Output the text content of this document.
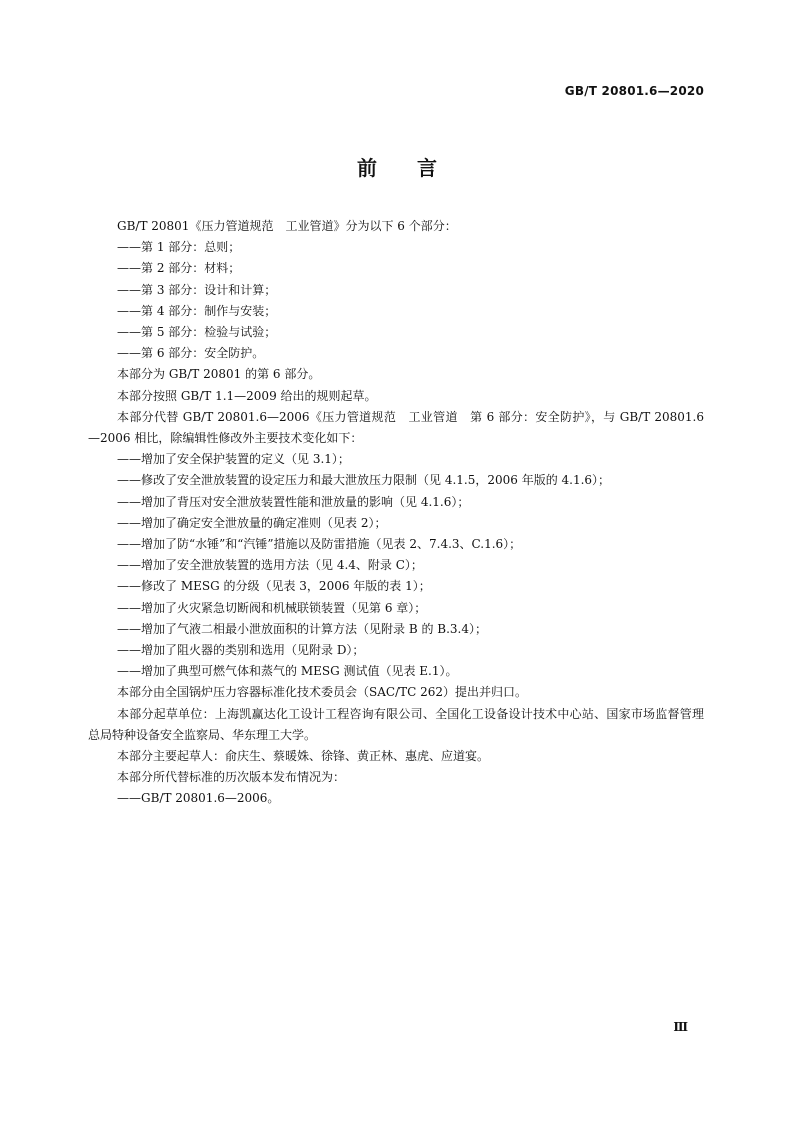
GB/T 20801.6—2020
前言

GB/T 20801《压力管道规范　工业管道》分为以下 6 个部分：

——第 1 部分：总则；

——第 2 部分：材料；

——第 3 部分：设计和计算；

——第 4 部分：制作与安装；

——第 5 部分：检验与试验；

——第 6 部分：安全防护。

本部分为 GB/T 20801 的第 6 部分。

本部分按照 GB/T 1.1—2009 给出的规则起草。

本部分代替 GB/T 20801.6—2006《压力管道规范　工业管道　第 6 部分：安全防护》，与 GB/T 20801.6—2006 相比，除编辑性修改外主要技术变化如下：

——增加了安全保护装置的定义（见 3.1）；

——修改了安全泄放装置的设定压力和最大泄放压力限制（见 4.1.5，2006 年版的 4.1.6）；

——增加了背压对安全泄放装置性能和泄放量的影响（见 4.1.6）；

——增加了确定安全泄放量的确定准则（见表 2）；

——增加了防“水锤”和“汽锤”措施以及防雷措施（见表 2、7.4.3、C.1.6）；

——增加了安全泄放装置的选用方法（见 4.4、附录 C）；

——修改了 MESG 的分级（见表 3，2006 年版的表 1）；

——增加了火灾紧急切断阀和机械联锁装置（见第 6 章）；

——增加了气液二相最小泄放面积的计算方法（见附录 B 的 B.3.4）；

——增加了阻火器的类别和选用（见附录 D）；

——增加了典型可燃气体和蒸气的 MESG 测试值（见表 E.1）。

本部分由全国锅炉压力容器标准化技术委员会（SAC/TC 262）提出并归口。

本部分起草单位：上海凯赢达化工设计工程咨询有限公司、全国化工设备设计技术中心站、国家市场监督管理总局特种设备安全监察局、华东理工大学。

本部分主要起草人：俞庆生、蔡暖姝、徐锋、黄正林、惠虎、应道宴。

本部分所代替标准的历次版本发布情况为：

——GB/T 20801.6—2006。

Ⅲ
